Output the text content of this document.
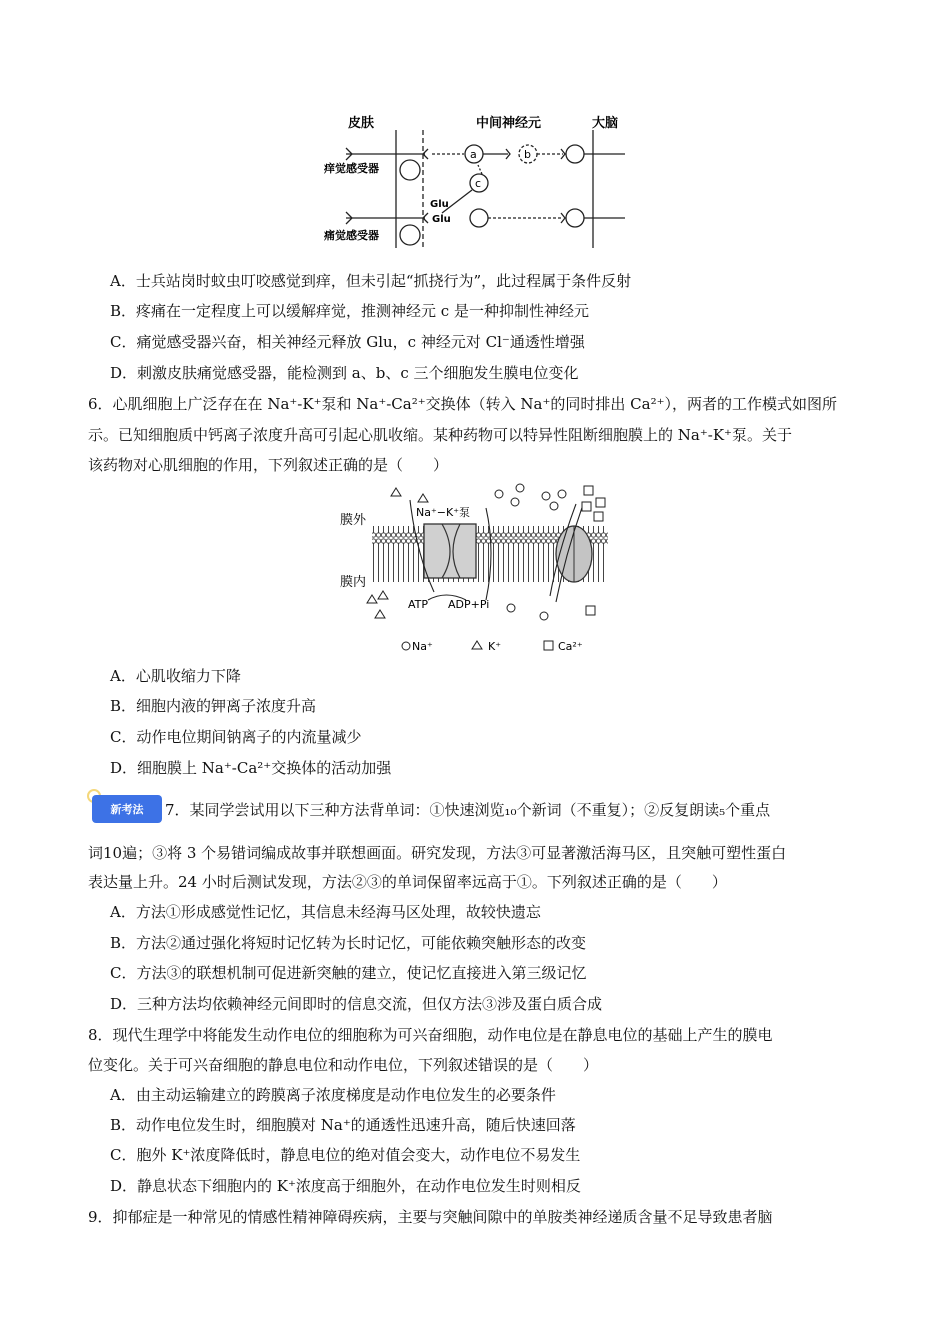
皮肤	中间神经元	大脑
痒觉感受器
痛觉感受器
a	b
c
Glu
Glu
A．士兵站岗时蚊虫叮咬感觉到痒，但未引起“抓挠行为”，此过程属于条件反射
B．疼痛在一定程度上可以缓解痒觉，推测神经元 c 是一种抑制性神经元
C．痛觉感受器兴奋，相关神经元释放 Glu，c 神经元对 Cl⁻通透性增强
D．刺激皮肤痛觉感受器，能检测到 a、b、c 三个细胞发生膜电位变化
6．心肌细胞上广泛存在在 Na⁺-K⁺泵和 Na⁺-Ca²⁺交换体（转入 Na⁺的同时排出 Ca²⁺），两者的工作模式如图所
示。已知细胞质中钙离子浓度升高可引起心肌收缩。某种药物可以特异性阻断细胞膜上的 Na⁺-K⁺泵。关于
该药物对心肌细胞的作用，下列叙述正确的是（　　）
膜外
膜内
Na⁺−K⁺泵
ATP ADP+Pi
Na⁺	K⁺	Ca²⁺
A．心肌收缩力下降
B．细胞内液的钾离子浓度升高
C．动作电位期间钠离子的内流量减少
D．细胞膜上 Na⁺-Ca²⁺交换体的活动加强
新考法	7．某同学尝试用以下三种方法背单词：①快速浏览₁₀个新词（不重复）；②反复朗读₅个重点
词10遍；③将 3 个易错词编成故事并联想画面。研究发现，方法③可显著激活海马区，且突触可塑性蛋白
表达量上升。24 小时后测试发现，方法②③的单词保留率远高于①。下列叙述正确的是（　　）
A．方法①形成感觉性记忆，其信息未经海马区处理，故较快遗忘
B．方法②通过强化将短时记忆转为长时记忆，可能依赖突触形态的改变
C．方法③的联想机制可促进新突触的建立，使记忆直接进入第三级记忆
D．三种方法均依赖神经元间即时的信息交流，但仅方法③涉及蛋白质合成
8．现代生理学中将能发生动作电位的细胞称为可兴奋细胞，动作电位是在静息电位的基础上产生的膜电
位变化。关于可兴奋细胞的静息电位和动作电位，下列叙述错误的是（　　）
A．由主动运输建立的跨膜离子浓度梯度是动作电位发生的必要条件
B．动作电位发生时，细胞膜对 Na⁺的通透性迅速升高，随后快速回落
C．胞外 K⁺浓度降低时，静息电位的绝对值会变大，动作电位不易发生
D．静息状态下细胞内的 K⁺浓度高于细胞外，在动作电位发生时则相反
9．抑郁症是一种常见的情感性精神障碍疾病，主要与突触间隙中的单胺类神经递质含量不足导致患者脑
